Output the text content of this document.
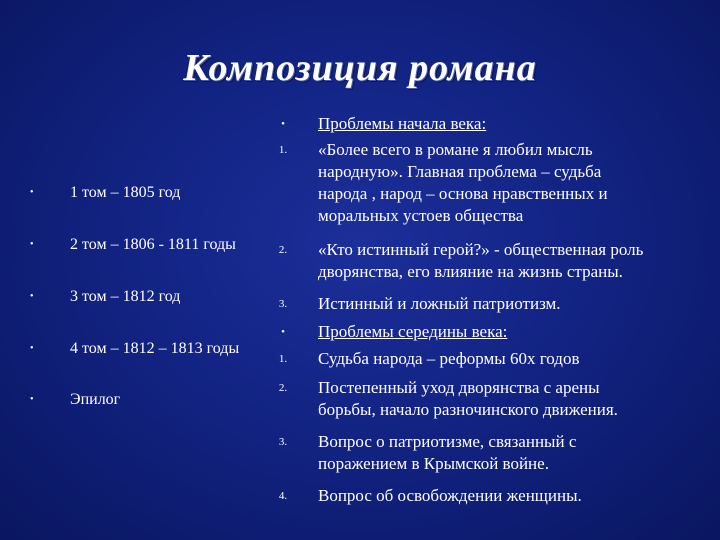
Композиция романа
• 1 том – 1805 год
• 2 том – 1806 - 1811 годы
• 3 том – 1812 год
• 4 том – 1812 – 1813 годы
• Эпилог
•	Проблемы начала века:
1.	«Более всего в романе я любил мысль
народную». Главная проблема – судьба
народа , народ – основа нравственных и
моральных устоев общества
2.	«Кто истинный герой?» - общественная роль
дворянства, его влияние на жизнь страны.
3.	Истинный и ложный патриотизм.
•	Проблемы середины века:
1.	Судьба народа – реформы 60х годов
2.	Постепенный уход дворянства с арены
борьбы, начало разночинского движения.
3.	Вопрос о патриотизме, связанный с
поражением в Крымской войне.
4.	Вопрос об освобождении женщины.
